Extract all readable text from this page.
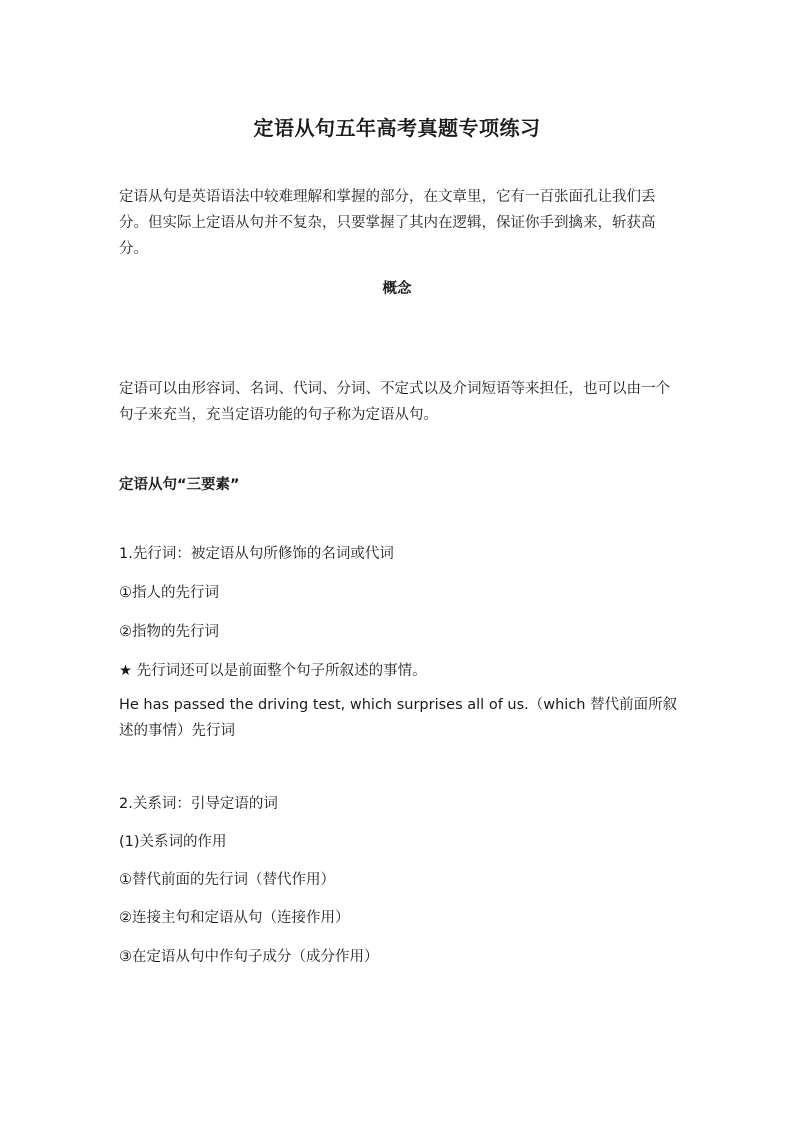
定语从句五年高考真题专项练习

定语从句是英语语法中较难理解和掌握的部分，在文章里，它有一百张面孔让我们丢分。但实际上定语从句并不复杂，只要掌握了其内在逻辑，保证你手到擒来，斩获高分。

概念

定语可以由形容词、名词、代词、分词、不定式以及介词短语等来担任，也可以由一个句子来充当，充当定语功能的句子称为定语从句。

定语从句“三要素”
1.先行词：被定语从句所修饰的名词或代词
①指人的先行词
②指物的先行词
★ 先行词还可以是前面整个句子所叙述的事情。

He has passed the driving test, which surprises all of us.（which 替代前面所叙述的事情）先行词

2.关系词：引导定语的词
(1)关系词的作用
①替代前面的先行词（替代作用）
②连接主句和定语从句（连接作用）
③在定语从句中作句子成分（成分作用）
